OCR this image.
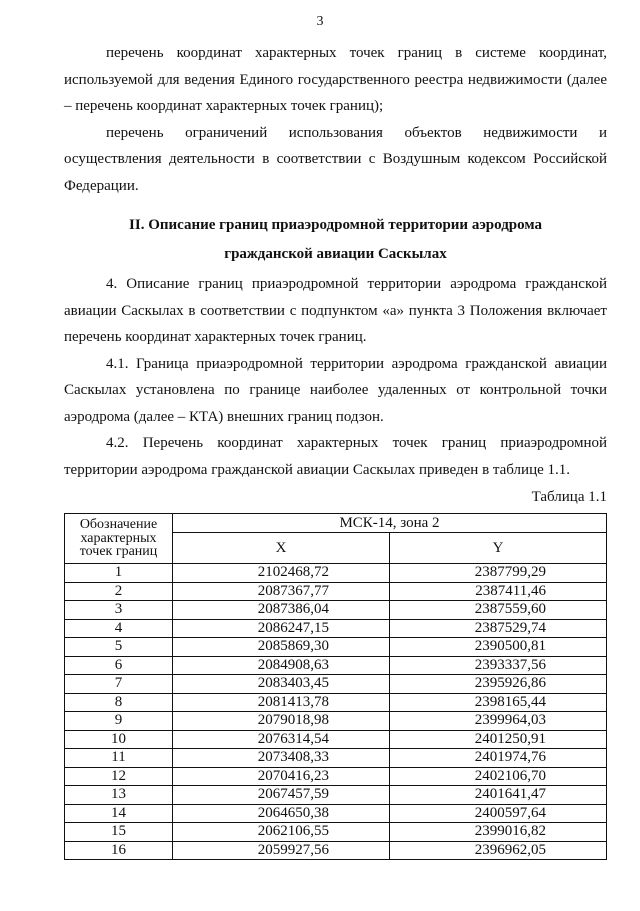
3

перечень координат характерных точек границ в системе координат, используемой для ведения Единого государственного реестра недвижимости (далее – перечень координат характерных точек границ);

перечень ограничений использования объектов недвижимости и осуществления деятельности в соответствии с Воздушным кодексом Российской Федерации.

II. Описание границ приаэродромной территории аэродрома
гражданской авиации Саскылах

4. Описание границ приаэродромной территории аэродрома гражданской авиации Саскылах в соответствии с подпунктом «а» пункта 3 Положения включает перечень координат характерных точек границ.

4.1. Граница приаэродромной территории аэродрома гражданской авиации Саскылах установлена по границе наиболее удаленных от контрольной точки аэродрома (далее – КТА) внешних границ подзон.

4.2. Перечень координат характерных точек границ приаэродромной территории аэродрома гражданской авиации Саскылах приведен в таблице 1.1.

Таблица 1.1
Обозначение характерных точек границ	МСК-14, зона 2	
	X	Y
1	2102468,72	2387799,29
2	2087367,77	2387411,46
3	2087386,04	2387559,60
4	2086247,15	2387529,74
5	2085869,30	2390500,81
6	2084908,63	2393337,56
7	2083403,45	2395926,86
8	2081413,78	2398165,44
9	2079018,98	2399964,03
10	2076314,54	2401250,91
11	2073408,33	2401974,76
12	2070416,23	2402106,70
13	2067457,59	2401641,47
14	2064650,38	2400597,64
15	2062106,55	2399016,82
16	2059927,56	2396962,05
